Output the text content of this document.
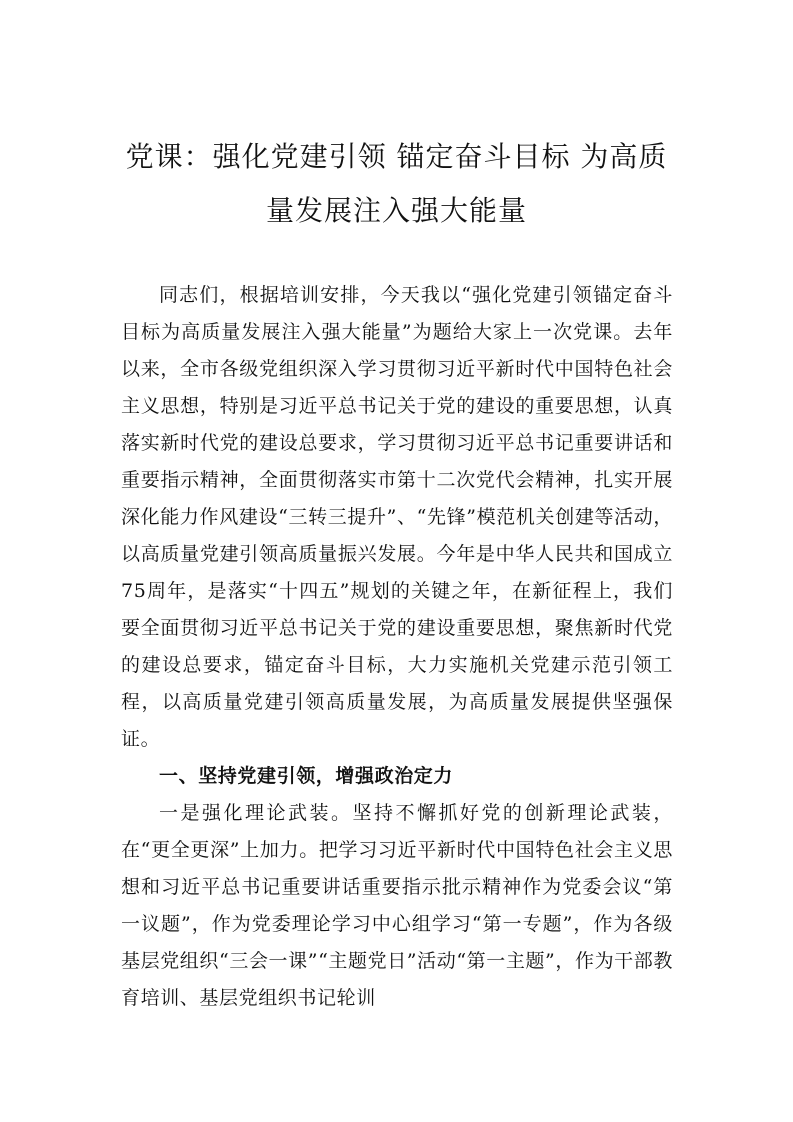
党课：强化党建引领 锚定奋斗目标 为高质
量发展注入强大能量

同志们，根据培训安排，今天我以“强化党建引领锚定奋斗目标为高质量发展注入强大能量”为题给大家上一次党课。去年以来，全市各级党组织深入学习贯彻习近平新时代中国特色社会主义思想，特别是习近平总书记关于党的建设的重要思想，认真落实新时代党的建设总要求，学习贯彻习近平总书记重要讲话和重要指示精神，全面贯彻落实市第十二次党代会精神，扎实开展深化能力作风建设“三转三提升”、“先锋”模范机关创建等活动，以高质量党建引领高质量振兴发展。今年是中华人民共和国成立75周年，是落实“十四五”规划的关键之年，在新征程上，我们要全面贯彻习近平总书记关于党的建设重要思想，聚焦新时代党的建设总要求，锚定奋斗目标，大力实施机关党建示范引领工程，以高质量党建引领高质量发展，为高质量发展提供坚强保证。

一、坚持党建引领，增强政治定力

一是强化理论武装。坚持不懈抓好党的创新理论武装，在“更全更深”上加力。把学习习近平新时代中国特色社会主义思想和习近平总书记重要讲话重要指示批示精神作为党委会议“第一议题”，作为党委理论学习中心组学习“第一专题”，作为各级基层党组织“三会一课”“主题党日”活动“第一主题”，作为干部教育培训、基层党组织书记轮训
